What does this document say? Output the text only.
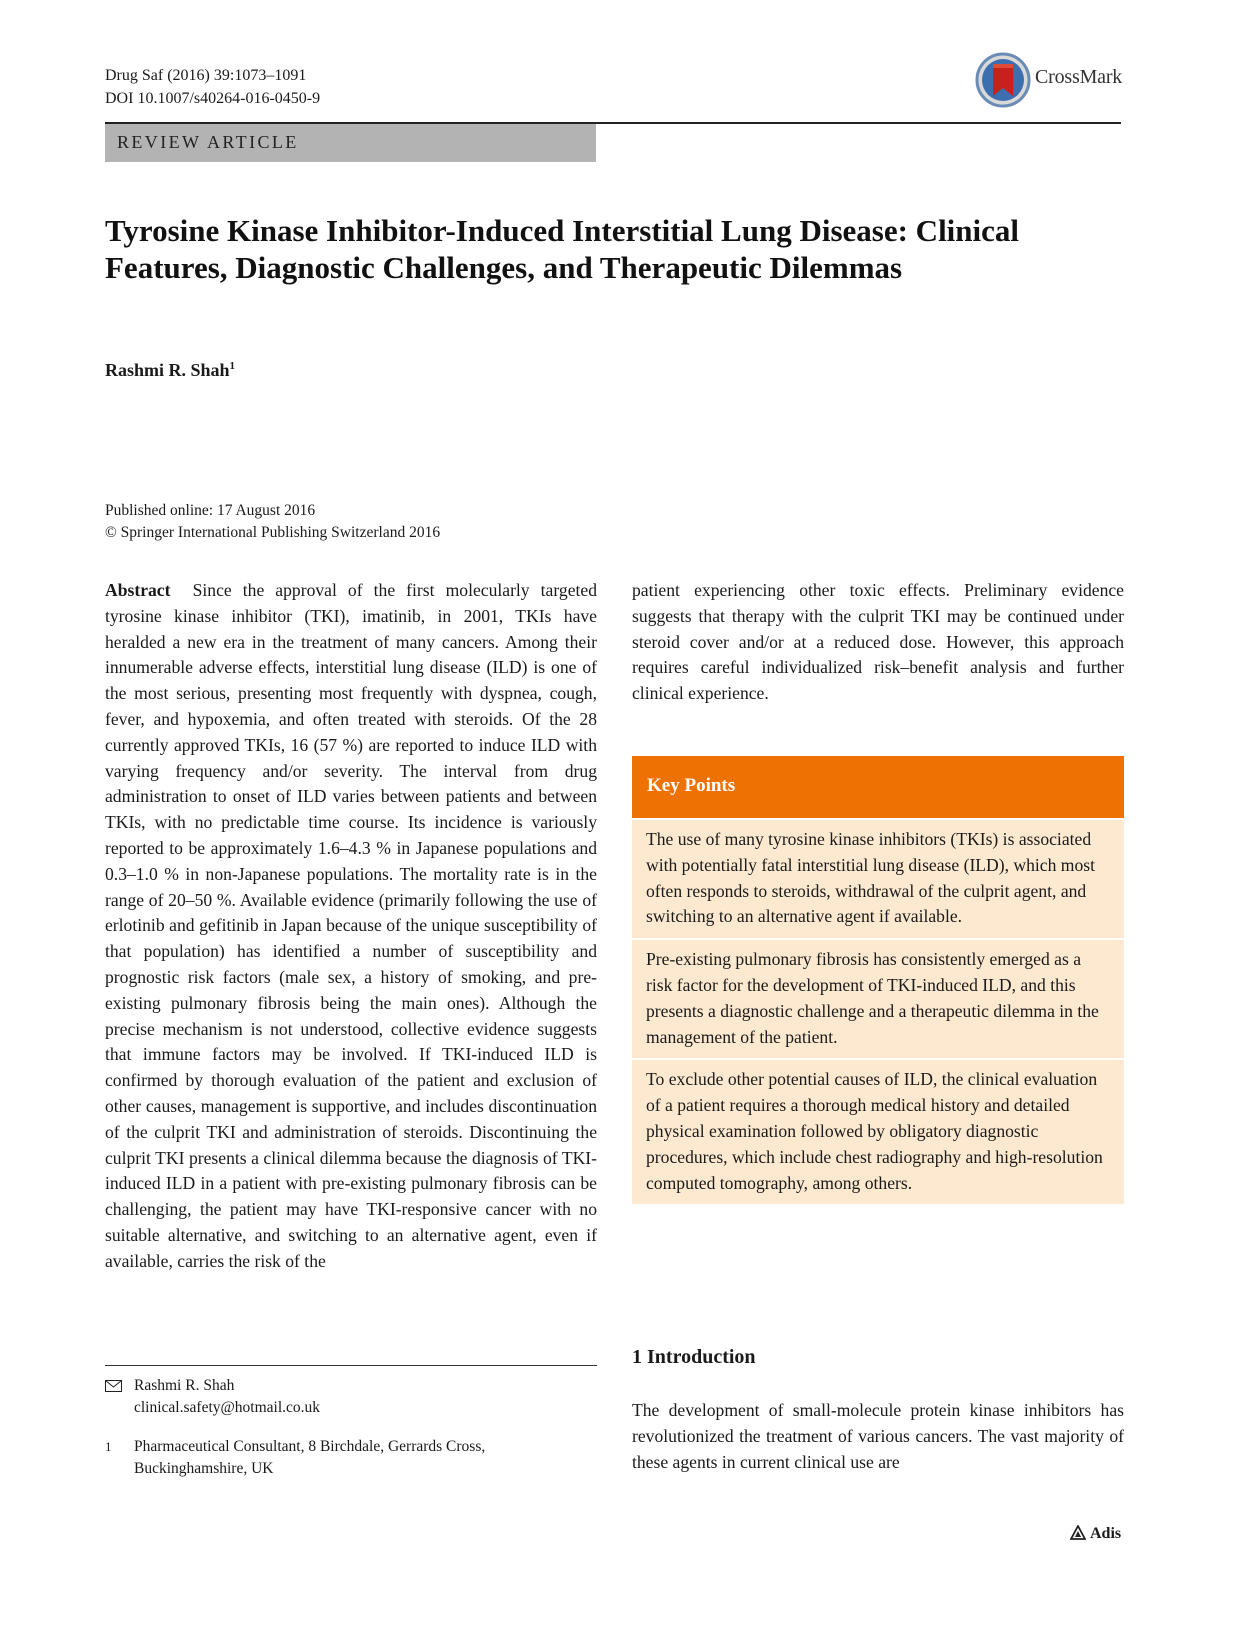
Drug Saf (2016) 39:1073–1091
DOI 10.1007/s40264-016-0450-9
CrossMark
REVIEW ARTICLE
Tyrosine Kinase Inhibitor-Induced Interstitial Lung Disease: Clinical Features, Diagnostic Challenges, and Therapeutic Dilemmas
Rashmi R. Shah$^1$
Published online: 17 August 2016
© Springer International Publishing Switzerland 2016

Abstract Since the approval of the first molecularly targeted tyrosine kinase inhibitor (TKI), imatinib, in 2001, TKIs have heralded a new era in the treatment of many cancers. Among their innumerable adverse effects, interstitial lung disease (ILD) is one of the most serious, presenting most frequently with dyspnea, cough, fever, and hypoxemia, and often treated with steroids. Of the 28 currently approved TKIs, 16 (57 %) are reported to induce ILD with varying frequency and/or severity. The interval from drug administration to onset of ILD varies between patients and between TKIs, with no predictable time course. Its incidence is variously reported to be approximately 1.6–4.3 % in Japanese populations and 0.3–1.0 % in non-Japanese populations. The mortality rate is in the range of 20–50 %. Available evidence (primarily following the use of erlotinib and gefitinib in Japan because of the unique susceptibility of that population) has identified a number of susceptibility and prognostic risk factors (male sex, a history of smoking, and pre-existing pulmonary fibrosis being the main ones). Although the precise mechanism is not understood, collective evidence suggests that immune factors may be involved. If TKI-induced ILD is confirmed by thorough evaluation of the patient and exclusion of other causes, management is supportive, and includes discontinuation of the culprit TKI and administration of steroids. Discontinuing the culprit TKI presents a clinical dilemma because the diagnosis of TKI-induced ILD in a patient with pre-existing pulmonary fibrosis can be challenging, the patient may have TKI-responsive cancer with no suitable alternative, and switching to an alternative agent, even if available, carries the risk of the

patient experiencing other toxic effects. Preliminary evidence suggests that therapy with the culprit TKI may be continued under steroid cover and/or at a reduced dose. However, this approach requires careful individualized risk–benefit analysis and further clinical experience.

Key Points
The use of many tyrosine kinase inhibitors (TKIs) is associated with potentially fatal interstitial lung disease (ILD), which most often responds to steroids, withdrawal of the culprit agent, and switching to an alternative agent if available.
Pre-existing pulmonary fibrosis has consistently emerged as a risk factor for the development of TKI-induced ILD, and this presents a diagnostic challenge and a therapeutic dilemma in the management of the patient.
To exclude other potential causes of ILD, the clinical evaluation of a patient requires a thorough medical history and detailed physical examination followed by obligatory diagnostic procedures, which include chest radiography and high-resolution computed tomography, among others.
Rashmi R. Shah
clinical.safety@hotmail.co.uk
1 Pharmaceutical Consultant, 8 Birchdale, Gerrards Cross,
Buckinghamshire, UK
1 Introduction
The development of small-molecule protein kinase inhibitors has revolutionized the treatment of various cancers. The vast majority of these agents in current clinical use are
Adis
